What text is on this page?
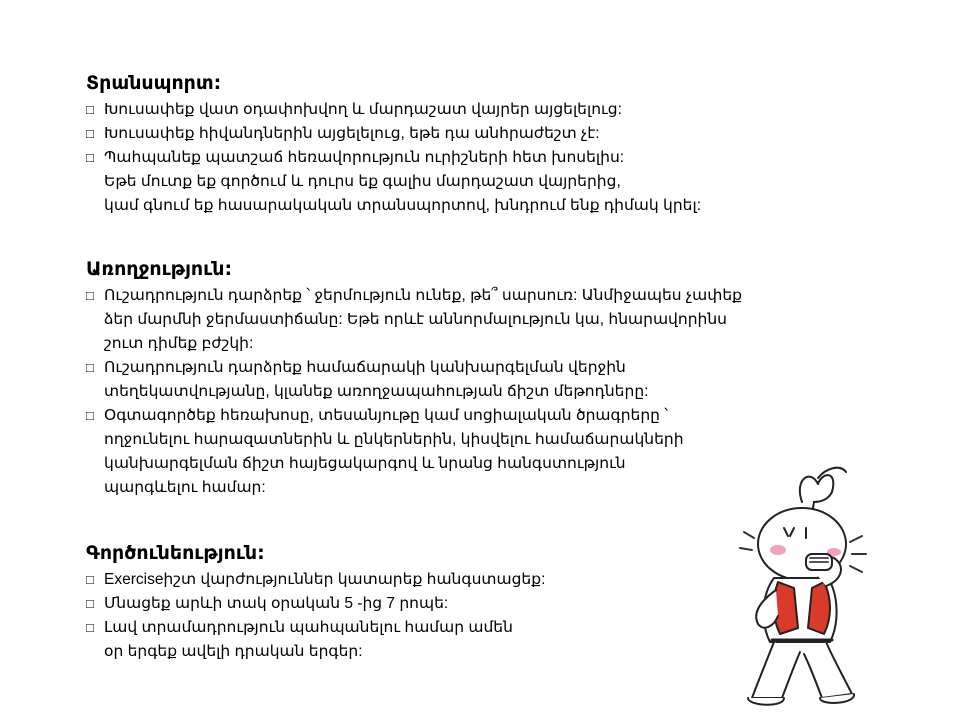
Տրանսպորտ:
□ Խուսափեք վատ օդափոխվող և մարդաշատ վայրեր այցելելուց:
□ Խուսափեք հիվանդներին այցելելուց, եթե դա անհրաժեշտ չէ:
□ Պահպանեք պատշաճ հեռավորություն ուրիշների հետ խոսելիս:
Եթե մուտք եք գործում և դուրս եք գալիս մարդաշատ վայրերից,
կամ գնում եք հասարակական տրանսպորտով, խնդրում ենք դիմակ կրել:
Առողջություն:
□ Ուշադրություն դարձրեք ՝ ջերմություն ունեք, թե՞ սարսուռ: Անմիջապես չափեք
ձեր մարմնի ջերմաստիճանը: Եթե որևէ աննորմալություն կա, հնարավորինս
շուտ դիմեք բժշկի:
□ Ուշադրություն դարձրեք համաճարակի կանխարգելման վերջին
տեղեկատվությանը, կլանեք առողջապահության ճիշտ մեթոդները:
□ Օգտագործեք հեռախոսը, տեսանյութը կամ սոցիալական ծրագրերը ՝
ողջունելու հարազատներին և ընկերներին, կիսվելու համաճարակների
կանխարգելման ճիշտ հայեցակարգով և նրանց հանգստություն
պարգևելու համար:
Գործունեություն:
□ Exerciseիշտ վարժություններ կատարեք հանգստացեք:
□ Մնացեք արևի տակ օրական 5 -ից 7 րոպե:
□ Լավ տրամադրություն պահպանելու համար ամեն
օր երգեք ավելի դրական երգեր:
